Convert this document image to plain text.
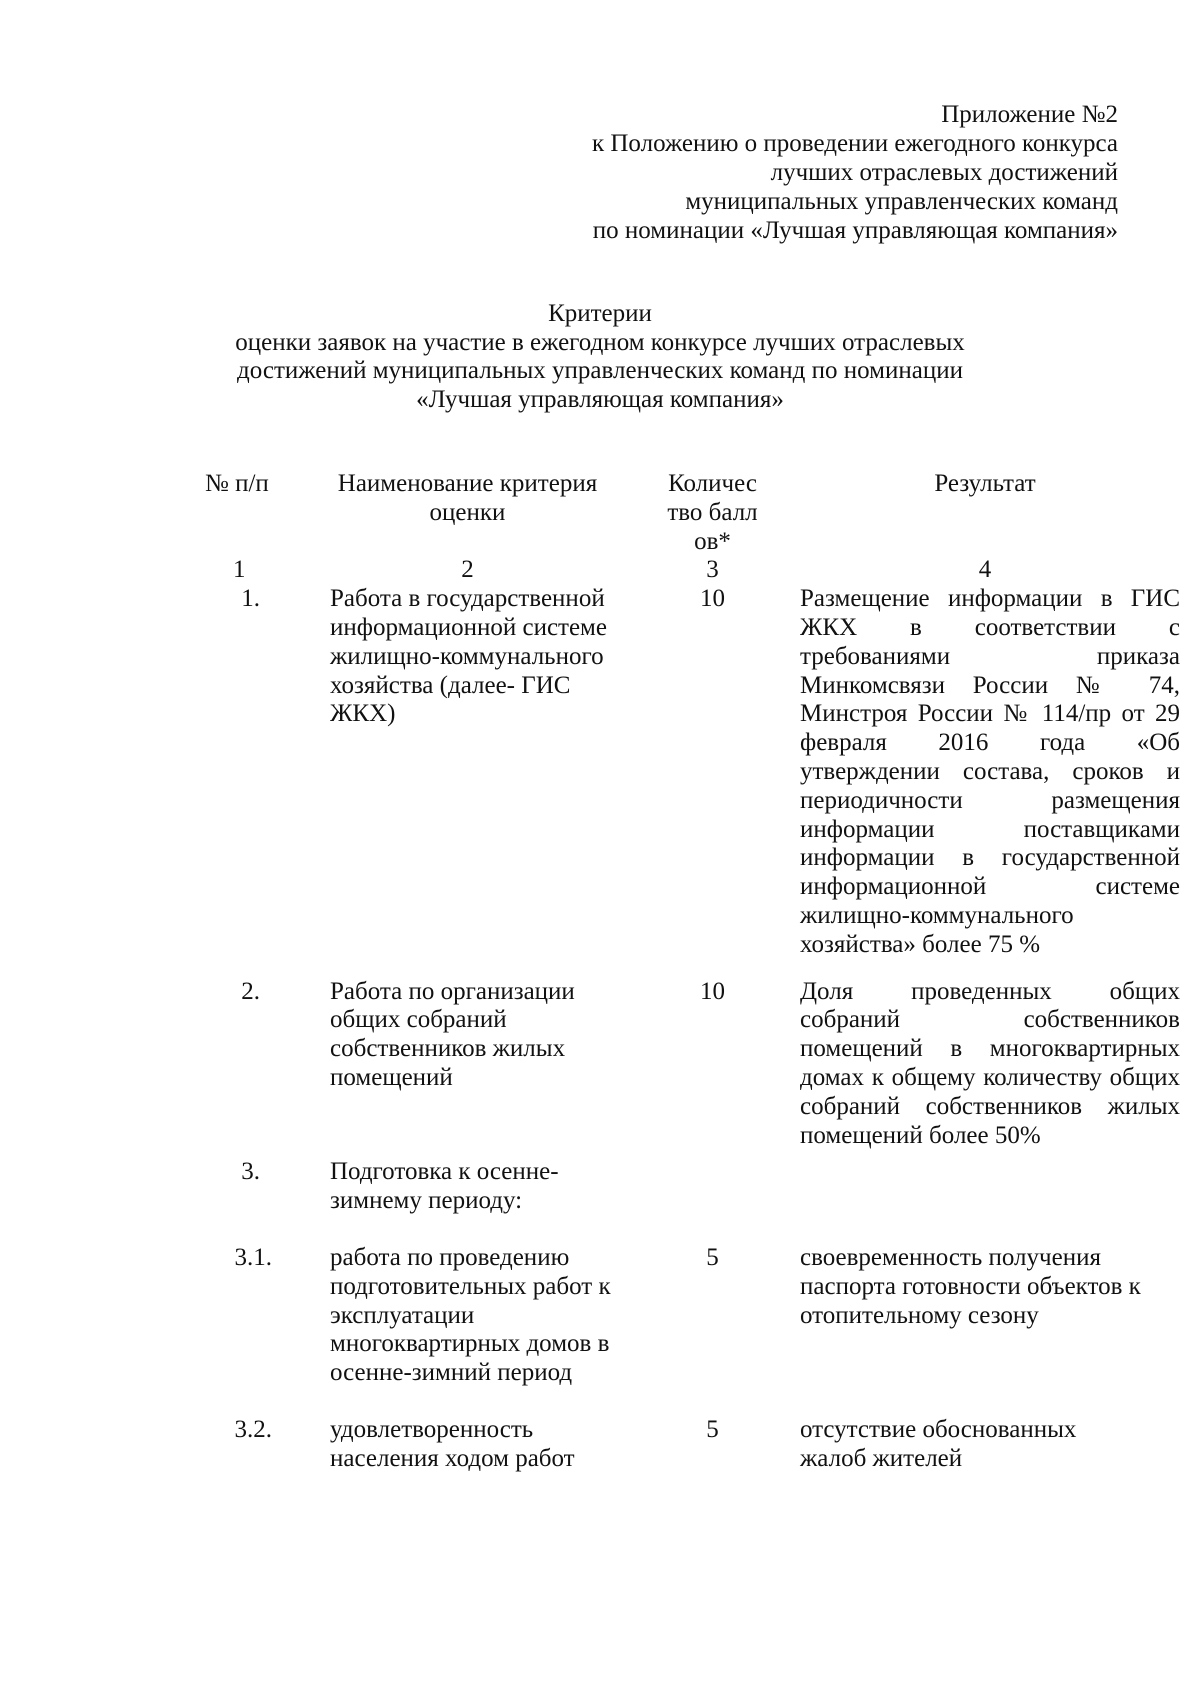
Приложение №2
к Положению о проведении ежегодного конкурса
лучших отраслевых достижений
муниципальных управленческих команд
по номинации «Лучшая управляющая компания»
Критерии
оценки заявок на участие в ежегодном конкурсе лучших отраслевых
достижений муниципальных управленческих команд по номинации
«Лучшая управляющая компания»
№ п/п	Наименование критерия оценки	Количество баллов*	Результат
1	2	3	4
1.	Работа в государственной информационной системе жилищно-коммунального хозяйства (далее- ГИС ЖКХ)	10	Размещение информации в ГИС ЖКХ в соответствии с требованиями приказа Минкомсвязи России № 74, Минстроя России № 114/пр от 29 февраля 2016 года «Об утверждении состава, сроков и периодичности размещения информации поставщиками информации в государственной информационной системе жилищно-коммунального хозяйства» более 75 %

2.	Работа по организации общих собраний собственников жилых помещений	10	Доля проведенных общих собраний собственников помещений в многоквартирных домах к общему количеству общих собраний собственников жилых помещений более 50%

3.	Подготовка к осенне-зимнему периоду:		

3.1.	работа по проведению подготовительных работ к эксплуатации многоквартирных домов в осенне-зимний период	5	своевременность получения паспорта готовности объектов к отопительному сезону

3.2.	удовлетворенность населения ходом работ	5	отсутствие обоснованных жалоб жителей
